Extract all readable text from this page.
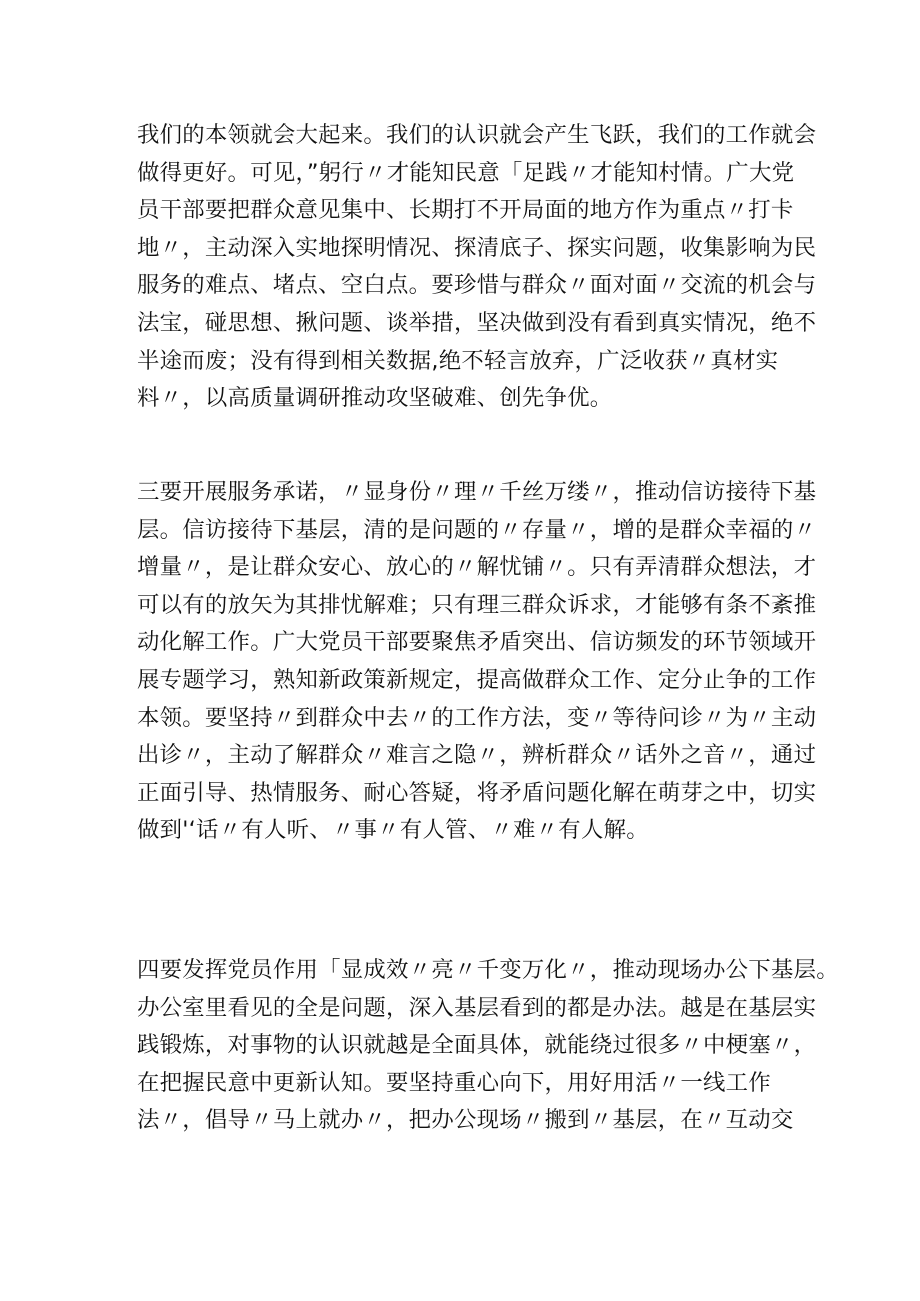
我们的本领就会大起来。我们的认识就会产生飞跃，我们的工作就会
做得更好。可见，”躬行〃才能知民意「足践〃才能知村情。广大党
员干部要把群众意见集中、长期打不开局面的地方作为重点〃打卡
地〃，主动深入实地探明情况、探清底子、探实问题，收集影响为民
服务的难点、堵点、空白点。要珍惜与群众〃面对面〃交流的机会与
法宝，碰思想、揪问题、谈举措，坚决做到没有看到真实情况，绝不
半途而废；没有得到相关数据,绝不轻言放弃，广泛收获〃真材实
料〃，以高质量调研推动攻坚破难、创先争优。
三要开展服务承诺，〃显身份〃理〃千丝万缕〃，推动信访接待下基
层。信访接待下基层，清的是问题的〃存量〃，增的是群众幸福的〃
增量〃，是让群众安心、放心的〃解忧铺〃。只有弄清群众想法，才
可以有的放矢为其排忧解难；只有理三群众诉求，才能够有条不紊推
动化解工作。广大党员干部要聚焦矛盾突出、信访频发的环节领域开
展专题学习，熟知新政策新规定，提高做群众工作、定分止争的工作
本领。要坚持〃到群众中去〃的工作方法，变〃等待问诊〃为〃主动
出诊〃，主动了解群众〃难言之隐〃，辨析群众〃话外之音〃，通过
正面引导、热情服务、耐心答疑，将矛盾问题化解在萌芽之中，切实
做到'‘话〃有人听、〃事〃有人管、〃难〃有人解。
四要发挥党员作用「显成效〃亮〃千变万化〃，推动现场办公下基层。
办公室里看见的全是问题，深入基层看到的都是办法。越是在基层实
践锻炼，对事物的认识就越是全面具体，就能绕过很多〃中梗塞〃，
在把握民意中更新认知。要坚持重心向下，用好用活〃一线工作
法〃，倡导〃马上就办〃，把办公现场〃搬到〃基层，在〃互动交
